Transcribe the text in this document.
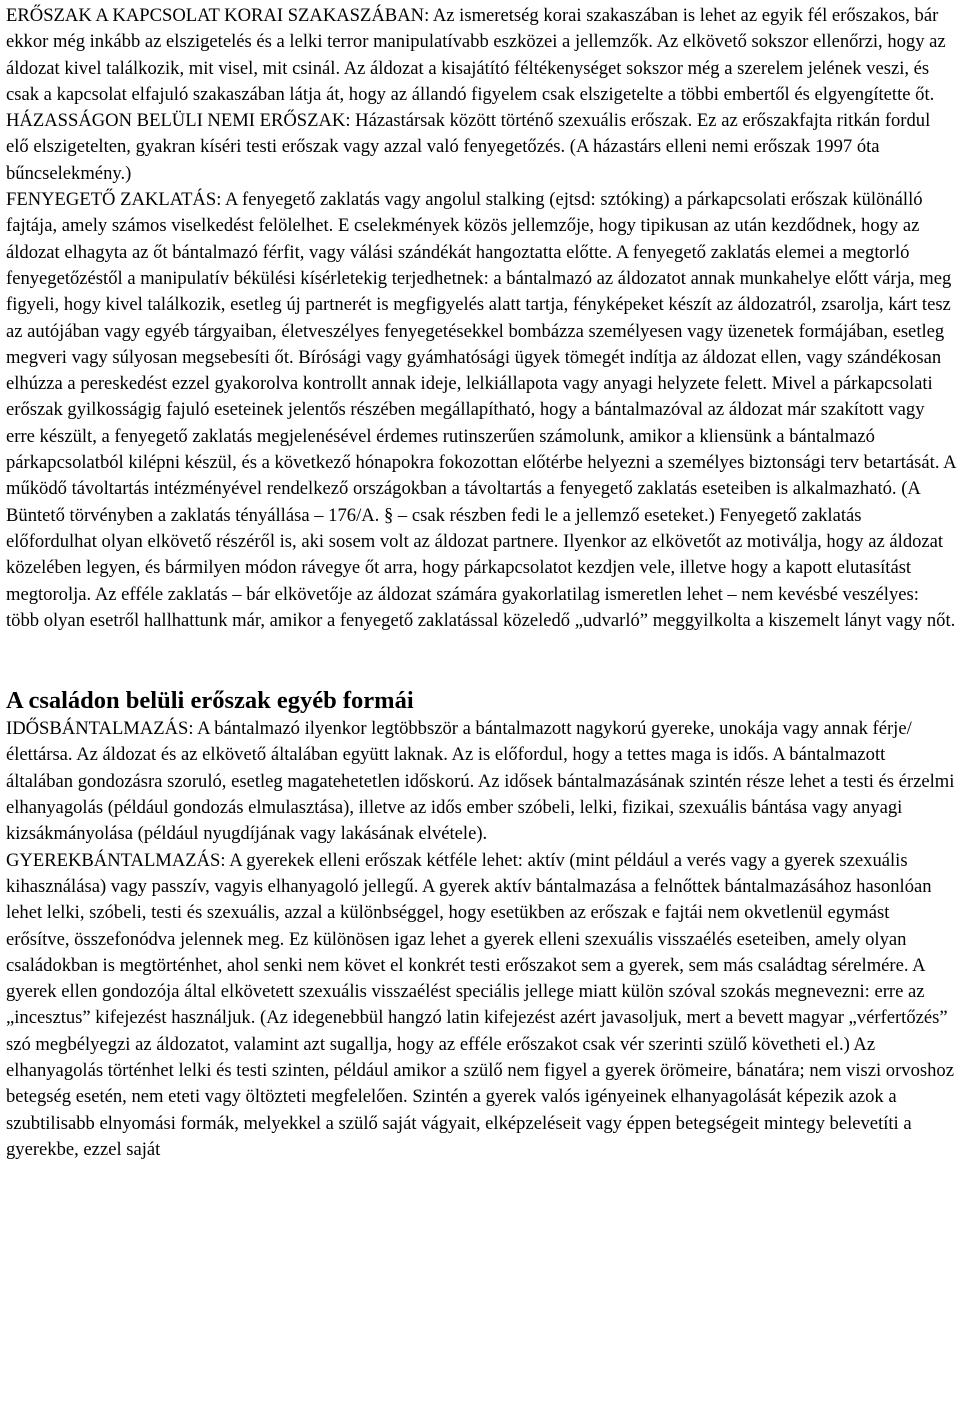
ERŐSZAK A KAPCSOLAT KORAI SZAKASZÁBAN: Az ismeretség korai szakaszában is lehet az egyik fél erőszakos, bár ekkor még inkább az elszigetelés és a lelki terror manipulatívabb eszközei a jellemzők. Az elkövető sokszor ellenőrzi, hogy az áldozat kivel találkozik, mit visel, mit csinál. Az áldozat a kisajátító féltékenységet sokszor még a szerelem jelének veszi, és csak a kapcsolat elfajuló szakaszában látja át, hogy az állandó figyelem csak elszigetelte a többi embertől és elgyengítette őt.

HÁZASSÁGON BELÜLI NEMI ERŐSZAK: Házastársak között történő szexuális erőszak. Ez az erőszakfajta ritkán fordul elő elszigetelten, gyakran kíséri testi erőszak vagy azzal való fenyegetőzés. (A házastárs elleni nemi erőszak 1997 óta bűncselekmény.)

FENYEGETŐ ZAKLATÁS: A fenyegető zaklatás vagy angolul stalking (ejtsd: sztóking) a párkapcsolati erőszak különálló fajtája, amely számos viselkedést felölelhet. E cselekmények közös jellemzője, hogy tipikusan az után kezdődnek, hogy az áldozat elhagyta az őt bántalmazó férfit, vagy válási szándékát hangoztatta előtte. A fenyegető zaklatás elemei a megtorló fenyegetőzéstől a manipulatív békülési kísérletekig terjedhetnek: a bántalmazó az áldozatot annak munkahelye előtt várja, meg figyeli, hogy kivel találkozik, esetleg új partnerét is megfigyelés alatt tartja, fényképeket készít az áldozatról, zsarolja, kárt tesz az autójában vagy egyéb tárgyaiban, életveszélyes fenyegetésekkel bombázza személyesen vagy üzenetek formájában, esetleg megveri vagy súlyosan megsebesíti őt. Bírósági vagy gyámhatósági ügyek tömegét indítja az áldozat ellen, vagy szándékosan elhúzza a pereskedést ezzel gyakorolva kontrollt annak ideje, lelkiállapota vagy anyagi helyzete felett. Mivel a párkapcsolati erőszak gyilkosságig fajuló eseteinek jelentős részében megállapítható, hogy a bántalmazóval az áldozat már szakított vagy erre készült, a fenyegető zaklatás megjelenésével érdemes rutinszerűen számolunk, amikor a kliensünk a bántalmazó párkapcsolatból kilépni készül, és a következő hónapokra fokozottan előtérbe helyezni a személyes biztonsági terv betartását. A működő távoltartás intézményével rendelkező országokban a távoltartás a fenyegető zaklatás eseteiben is alkalmazható. (A Büntető törvényben a zaklatás tényállása – 176/A. § – csak részben fedi le a jellemző eseteket.) Fenyegető zaklatás előfordulhat olyan elkövető részéről is, aki sosem volt az áldozat partnere. Ilyenkor az elkövetőt az motiválja, hogy az áldozat közelében legyen, és bármilyen módon rávegye őt arra, hogy párkapcsolatot kezdjen vele, illetve hogy a kapott elutasítást megtorolja. Az efféle zaklatás – bár elkövetője az áldozat számára gyakorlatilag ismeretlen lehet – nem kevésbé veszélyes: több olyan esetről hallhattunk már, amikor a fenyegető zaklatással közeledő „udvarló” meggyilkolta a kiszemelt lányt vagy nőt.

A családon belüli erőszak egyéb formái

IDŐSBÁNTALMAZÁS: A bántalmazó ilyenkor legtöbbször a bántalmazott nagykorú gyereke, unokája vagy annak férje/élettársa. Az áldozat és az elkövető általában együtt laknak. Az is előfordul, hogy a tettes maga is idős. A bántalmazott általában gondozásra szoruló, esetleg magatehetetlen időskorú. Az idősek bántalmazásának szintén része lehet a testi és érzelmi elhanyagolás (például gondozás elmulasztása), illetve az idős ember szóbeli, lelki, fizikai, szexuális bántása vagy anyagi kizsákmányolása (például nyugdíjának vagy lakásának elvétele).

GYEREKBÁNTALMAZÁS: A gyerekek elleni erőszak kétféle lehet: aktív (mint például a verés vagy a gyerek szexuális kihasználása) vagy passzív, vagyis elhanyagoló jellegű. A gyerek aktív bántalmazása a felnőttek bántalmazásához hasonlóan lehet lelki, szóbeli, testi és szexuális, azzal a különbséggel, hogy esetükben az erőszak e fajtái nem okvetlenül egymást erősítve, összefonódva jelennek meg. Ez különösen igaz lehet a gyerek elleni szexuális visszaélés eseteiben, amely olyan családokban is megtörténhet, ahol senki nem követ el konkrét testi erőszakot sem a gyerek, sem más családtag sérelmére. A gyerek ellen gondozója által elkövetett szexuális visszaélést speciális jellege miatt külön szóval szokás megnevezni: erre az „incesztus” kifejezést használjuk. (Az idegenebbül hangzó latin kifejezést azért javasoljuk, mert a bevett magyar „vérfertőzés” szó megbélyegzi az áldozatot, valamint azt sugallja, hogy az efféle erőszakot csak vér szerinti szülő követheti el.) Az elhanyagolás történhet lelki és testi szinten, például amikor a szülő nem figyel a gyerek örömeire, bánatára; nem viszi orvoshoz betegség esetén, nem eteti vagy öltözteti megfelelően. Szintén a gyerek valós igényeinek elhanyagolását képezik azok a szubtilisabb elnyomási formák, melyekkel a szülő saját vágyait, elképzeléseit vagy éppen betegségeit mintegy belevetíti a gyerekbe, ezzel saját
